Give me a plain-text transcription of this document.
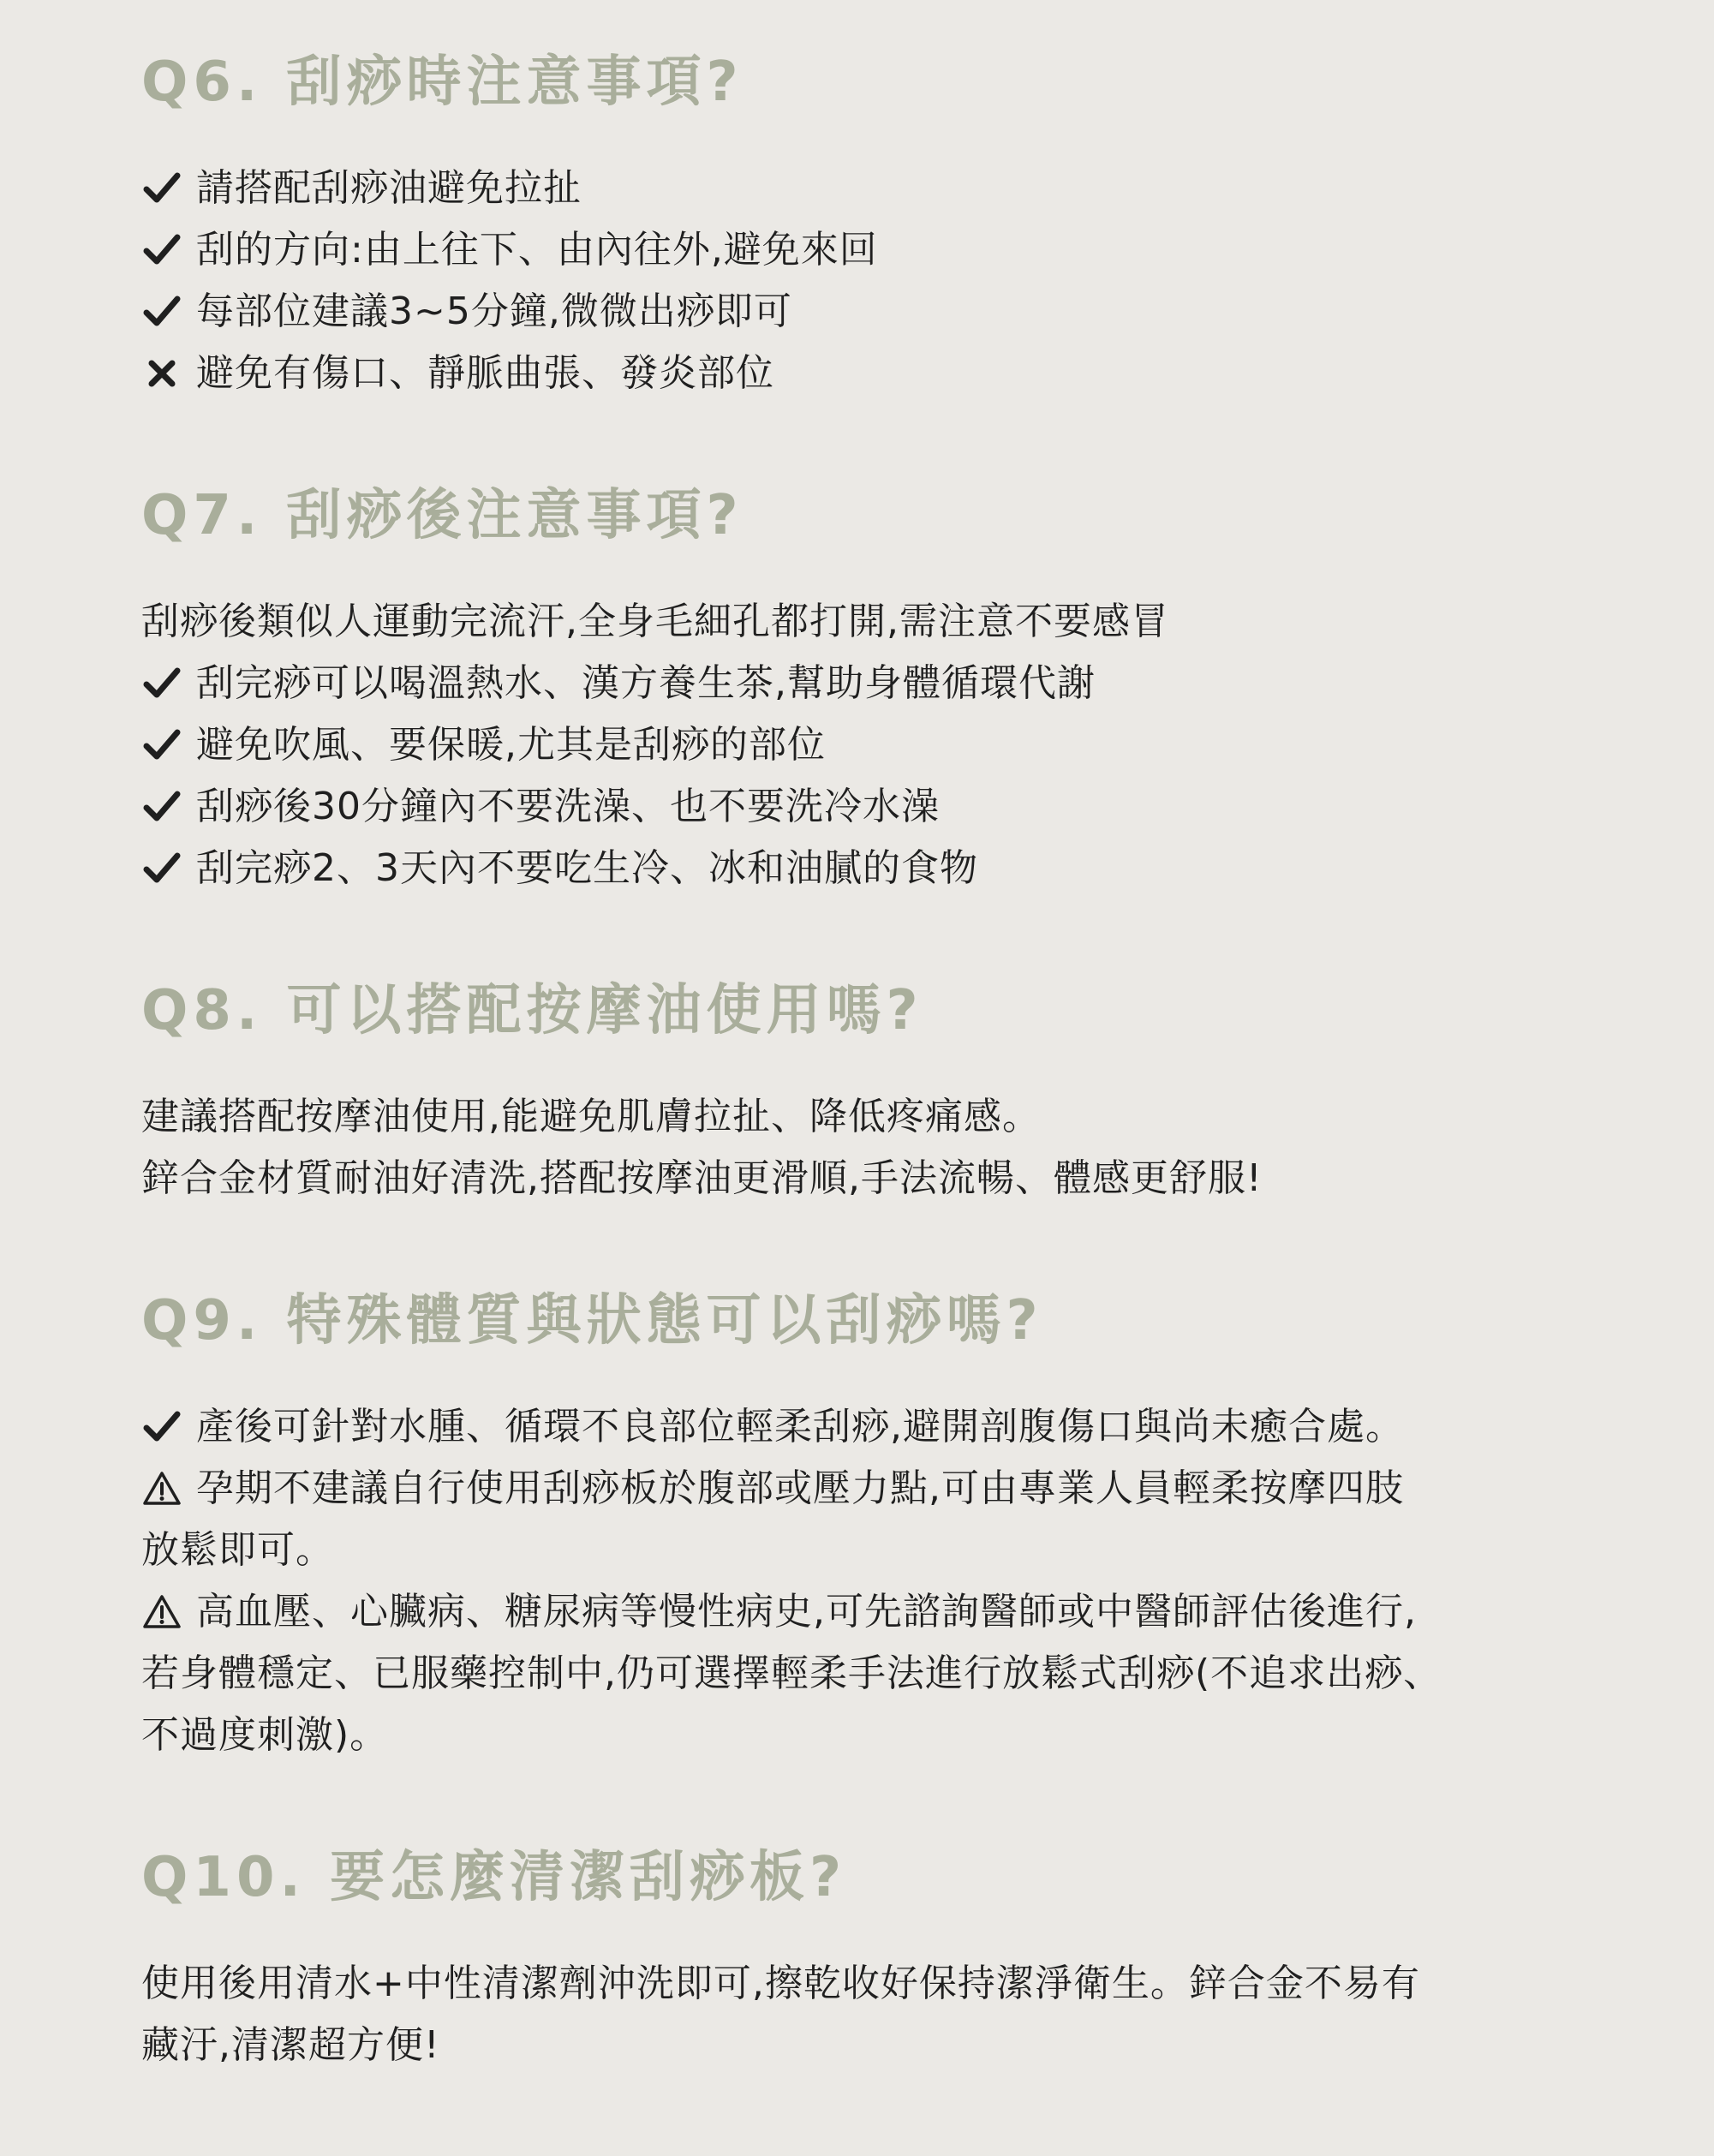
Q6. 刮痧時注意事項?
請搭配刮痧油避免拉扯
刮的方向:由上往下、由內往外,避免來回
每部位建議3~5分鐘,微微出痧即可
避免有傷口、靜脈曲張、發炎部位
Q7. 刮痧後注意事項?
刮痧後類似人運動完流汗,全身毛細孔都打開,需注意不要感冒
刮完痧可以喝溫熱水、漢方養生茶,幫助身體循環代謝
避免吹風、要保暖,尤其是刮痧的部位
刮痧後30分鐘內不要洗澡、也不要洗冷水澡
刮完痧2、3天內不要吃生冷、冰和油膩的食物
Q8. 可以搭配按摩油使用嗎?
建議搭配按摩油使用,能避免肌膚拉扯、降低疼痛感。
鋅合金材質耐油好清洗,搭配按摩油更滑順,手法流暢、體感更舒服!
Q9. 特殊體質與狀態可以刮痧嗎?
產後可針對水腫、循環不良部位輕柔刮痧,避開剖腹傷口與尚未癒合處。
孕期不建議自行使用刮痧板於腹部或壓力點,可由專業人員輕柔按摩四肢
放鬆即可。
高血壓、心臟病、糖尿病等慢性病史,可先諮詢醫師或中醫師評估後進行,
若身體穩定、已服藥控制中,仍可選擇輕柔手法進行放鬆式刮痧(不追求出痧、
不過度刺激)。
Q10. 要怎麼清潔刮痧板?
使用後用清水+中性清潔劑沖洗即可,擦乾收好保持潔淨衛生。鋅合金不易有
藏汙,清潔超方便!
